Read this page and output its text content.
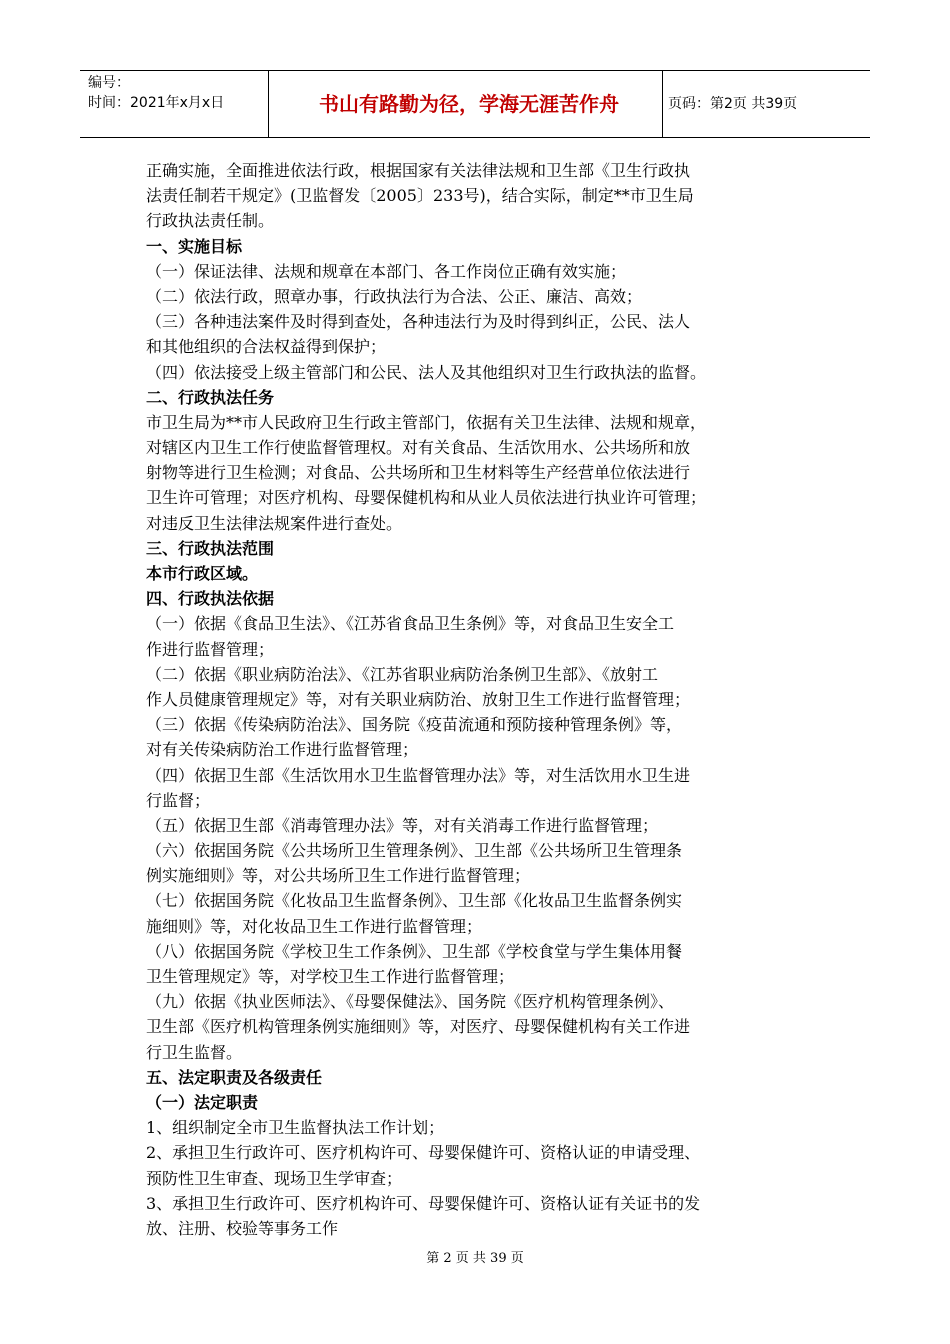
编号：
时间：2021年x月x日	书山有路勤为径，学海无涯苦作舟	页码：第2页 共39页
正确实施，全面推进依法行政，根据国家有关法律法规和卫生部《卫生行政执
法责任制若干规定》(卫监督发〔2005〕233号)，结合实际，制定**市卫生局
行政执法责任制。
一、实施目标
（一）保证法律、法规和规章在本部门、各工作岗位正确有效实施；
（二）依法行政，照章办事，行政执法行为合法、公正、廉洁、高效；
（三）各种违法案件及时得到查处，各种违法行为及时得到纠正，公民、法人
和其他组织的合法权益得到保护；
（四）依法接受上级主管部门和公民、法人及其他组织对卫生行政执法的监督。
二、行政执法任务
市卫生局为**市人民政府卫生行政主管部门，依据有关卫生法律、法规和规章，
对辖区内卫生工作行使监督管理权。对有关食品、生活饮用水、公共场所和放
射物等进行卫生检测；对食品、公共场所和卫生材料等生产经营单位依法进行
卫生许可管理；对医疗机构、母婴保健机构和从业人员依法进行执业许可管理；
对违反卫生法律法规案件进行查处。
三、行政执法范围
本市行政区域。
四、行政执法依据
（一）依据《食品卫生法》、《江苏省食品卫生条例》等，对食品卫生安全工
作进行监督管理；
（二）依据《职业病防治法》、《江苏省职业病防治条例卫生部》、《放射工
作人员健康管理规定》等，对有关职业病防治、放射卫生工作进行监督管理；
（三）依据《传染病防治法》、国务院《疫苗流通和预防接种管理条例》等，
对有关传染病防治工作进行监督管理；
（四）依据卫生部《生活饮用水卫生监督管理办法》等，对生活饮用水卫生进
行监督；
（五）依据卫生部《消毒管理办法》等，对有关消毒工作进行监督管理；
（六）依据国务院《公共场所卫生管理条例》、卫生部《公共场所卫生管理条
例实施细则》等，对公共场所卫生工作进行监督管理；
（七）依据国务院《化妆品卫生监督条例》、卫生部《化妆品卫生监督条例实
施细则》等，对化妆品卫生工作进行监督管理；
（八）依据国务院《学校卫生工作条例》、卫生部《学校食堂与学生集体用餐
卫生管理规定》等，对学校卫生工作进行监督管理；
（九）依据《执业医师法》、《母婴保健法》、国务院《医疗机构管理条例》、
卫生部《医疗机构管理条例实施细则》等，对医疗、母婴保健机构有关工作进
行卫生监督。
五、法定职责及各级责任
（一）法定职责
1、组织制定全市卫生监督执法工作计划；
2、承担卫生行政许可、医疗机构许可、母婴保健许可、资格认证的申请受理、
预防性卫生审查、现场卫生学审查；
3、承担卫生行政许可、医疗机构许可、母婴保健许可、资格认证有关证书的发
放、注册、校验等事务工作
第 2 页 共 39 页
